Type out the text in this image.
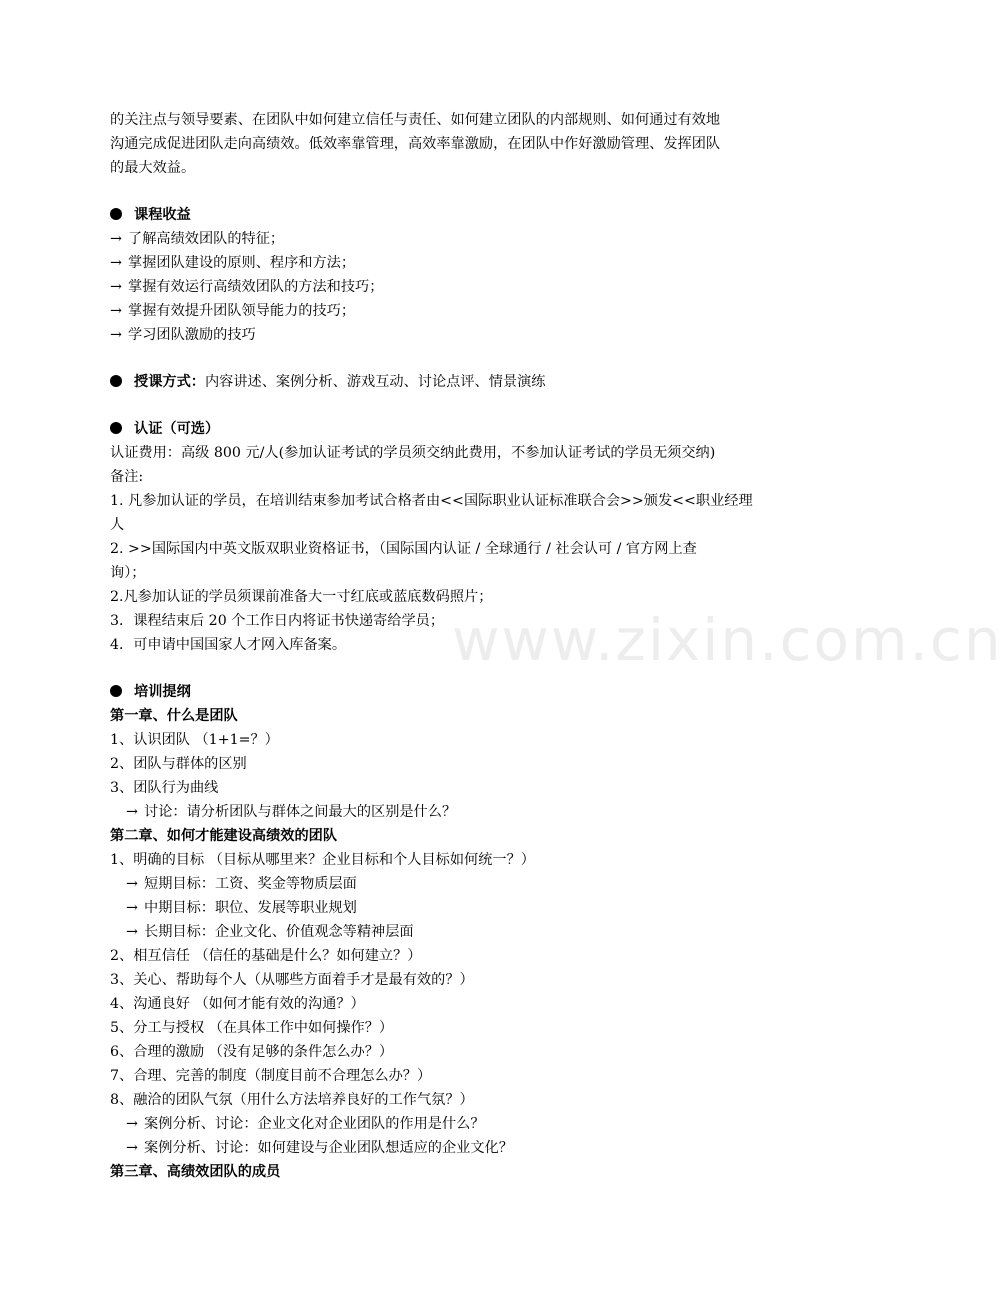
www.zixin.com.cn
的关注点与领导要素、在团队中如何建立信任与责任、如何建立团队的内部规则、如何通过有效地
沟通完成促进团队走向高绩效。低效率靠管理，高效率靠激励，在团队中作好激励管理、发挥团队
的最大效益。
课程收益
→ 了解高绩效团队的特征；
→ 掌握团队建设的原则、程序和方法；
→ 掌握有效运行高绩效团队的方法和技巧；
→ 掌握有效提升团队领导能力的技巧；
→ 学习团队激励的技巧
授课方式：内容讲述、案例分析、游戏互动、讨论点评、情景演练
认证（可选）
认证费用：高级 800 元/人(参加认证考试的学员须交纳此费用，不参加认证考试的学员无须交纳)
备注:
1. 凡参加认证的学员，在培训结束参加考试合格者由<<国际职业认证标准联合会>>颁发<<职业经理
人
2. >>国际国内中英文版双职业资格证书，（国际国内认证 / 全球通行 / 社会认可 / 官方网上查
询）；
2.凡参加认证的学员须课前准备大一寸红底或蓝底数码照片；
3．课程结束后 20 个工作日内将证书快递寄给学员；
4．可申请中国国家人才网入库备案。
培训提纲
第一章、什么是团队
1、认识团队 （1+1=？）
2、团队与群体的区别
3、团队行为曲线
→ 讨论：请分析团队与群体之间最大的区别是什么？
第二章、如何才能建设高绩效的团队
1、明确的目标 （目标从哪里来？企业目标和个人目标如何统一？）
→ 短期目标：工资、奖金等物质层面
→ 中期目标：职位、发展等职业规划
→ 长期目标：企业文化、价值观念等精神层面
2、相互信任 （信任的基础是什么？如何建立？）
3、关心、帮助每个人（从哪些方面着手才是最有效的？）
4、沟通良好 （如何才能有效的沟通？）
5、分工与授权 （在具体工作中如何操作？）
6、合理的激励 （没有足够的条件怎么办？）
7、合理、完善的制度（制度目前不合理怎么办？）
8、融洽的团队气氛（用什么方法培养良好的工作气氛？）
→ 案例分析、讨论：企业文化对企业团队的作用是什么？
→ 案例分析、讨论：如何建设与企业团队想适应的企业文化？
第三章、高绩效团队的成员
